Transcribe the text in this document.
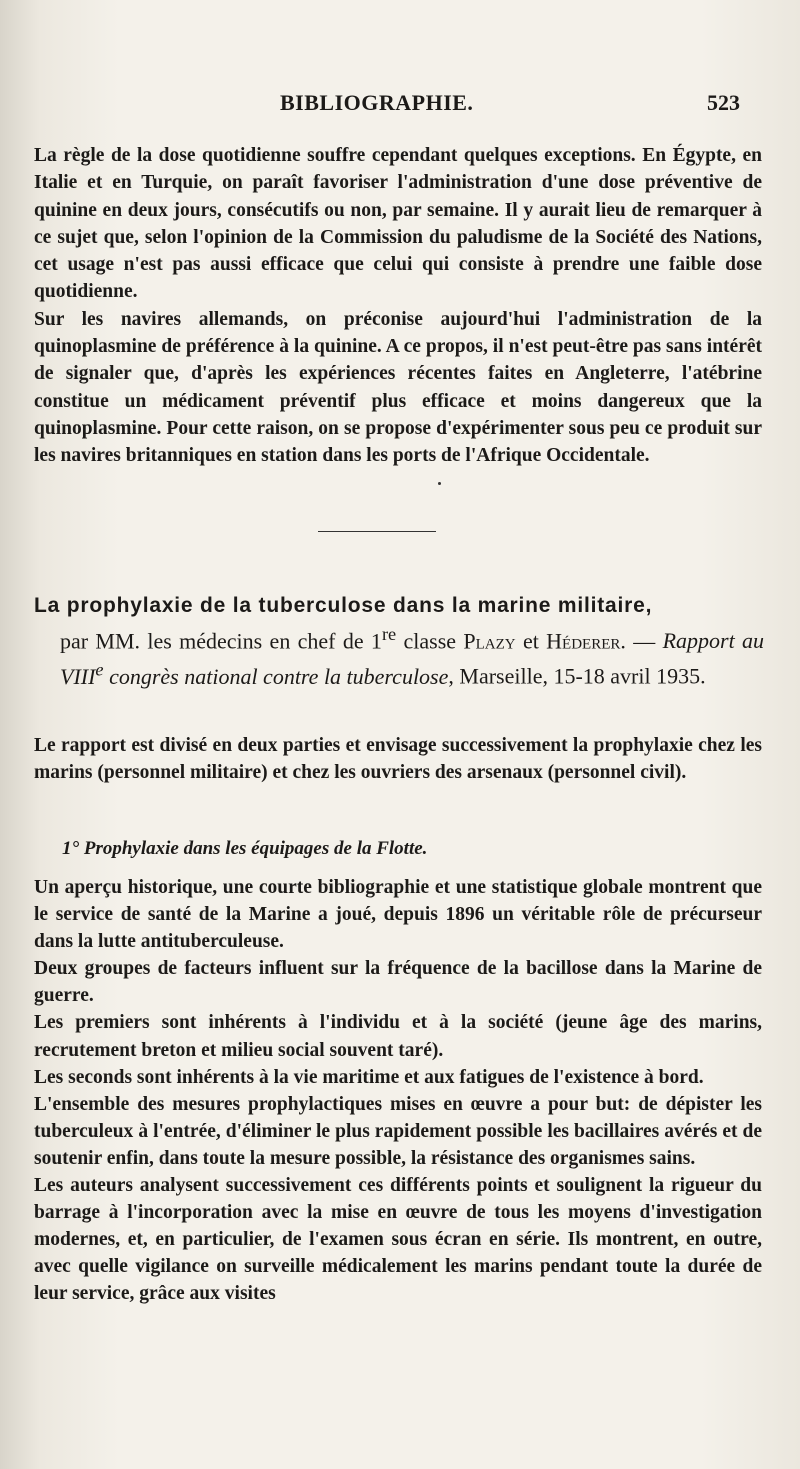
BIBLIOGRAPHIE.	523

La règle de la dose quotidienne souffre cependant quelques exceptions. En Égypte, en Italie et en Turquie, on paraît favoriser l'administration d'une dose préventive de quinine en deux jours, consécutifs ou non, par semaine. Il y aurait lieu de remarquer à ce sujet que, selon l'opinion de la Commission du paludisme de la Société des Nations, cet usage n'est pas aussi efficace que celui qui consiste à prendre une faible dose quotidienne.

Sur les navires allemands, on préconise aujourd'hui l'administration de la quinoplasmine de préférence à la quinine. A ce propos, il n'est peut-être pas sans intérêt de signaler que, d'après les expériences récentes faites en Angleterre, l'atébrine constitue un médicament préventif plus efficace et moins dangereux que la quinoplasmine. Pour cette raison, on se propose d'expérimenter sous peu ce produit sur les navires britanniques en station dans les ports de l'Afrique Occidentale.

La prophylaxie de la tuberculose dans la marine militaire,
par MM. les médecins en chef de 1re classe Plazy et Héderer. — Rapport au VIIIe congrès national contre la tuberculose, Marseille, 15-18 avril 1935.

Le rapport est divisé en deux parties et envisage successivement la prophylaxie chez les marins (personnel militaire) et chez les ouvriers des arsenaux (personnel civil).

1° Prophylaxie dans les équipages de la Flotte.

Un aperçu historique, une courte bibliographie et une statistique globale montrent que le service de santé de la Marine a joué, depuis 1896 un véritable rôle de précurseur dans la lutte antituberculeuse.

Deux groupes de facteurs influent sur la fréquence de la bacillose dans la Marine de guerre.

Les premiers sont inhérents à l'individu et à la société (jeune âge des marins, recrutement breton et milieu social souvent taré).

Les seconds sont inhérents à la vie maritime et aux fatigues de l'existence à bord.

L'ensemble des mesures prophylactiques mises en œuvre a pour but: de dépister les tuberculeux à l'entrée, d'éliminer le plus rapidement possible les bacillaires avérés et de soutenir enfin, dans toute la mesure possible, la résistance des organismes sains.

Les auteurs analysent successivement ces différents points et soulignent la rigueur du barrage à l'incorporation avec la mise en œuvre de tous les moyens d'investigation modernes, et, en particulier, de l'examen sous écran en série. Ils montrent, en outre, avec quelle vigilance on surveille médicalement les marins pendant toute la durée de leur service, grâce aux visites
